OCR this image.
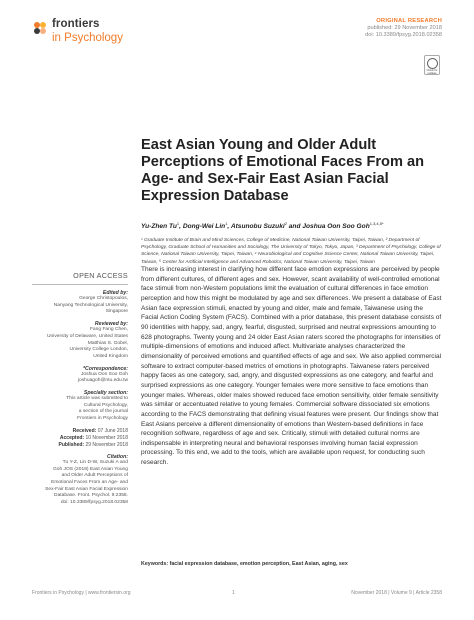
frontiers
in Psychology
ORIGINAL RESEARCH
published: 29 November 2018
doi: 10.3389/fpsyg.2018.02358
Check for
updates
East Asian Young and Older Adult Perceptions of Emotional Faces From an Age- and Sex-Fair East Asian Facial Expression Database
Yu-Zhen Tu$^1$, Dong-Wei Lin$^1$, Atsunobu Suzuki$^2$ and Joshua Oon Soo Goh$^{1,3,4,5*}$
¹ Graduate Institute of Brain and Mind Sciences, College of Medicine, National Taiwan University, Taipei, Taiwan, ² Department of Psychology, Graduate School of Humanities and Sociology, The University of Tokyo, Tokyo, Japan, ³ Department of Psychology, College of Science, National Taiwan University, Taipei, Taiwan, ⁴ Neurobiological and Cognitive Science Center, National Taiwan University, Taipei, Taiwan, ⁵ Center for Artificial Intelligence and Advanced Robotics, National Taiwan University, Taipei, Taiwan
OPEN ACCESS
Edited by:
George Christopoulos,
Nanyang Technological University,
Singapore
Reviewed by:
Fang Fang Chen,
University of Delaware, United States
Matthias S. Gobel,
University College London,
United Kingdom
*Correspondence:
Joshua Oon Soo Goh
joshuagoh@ntu.edu.tw
Specialty section:
This article was submitted to
Cultural Psychology,
a section of the journal
Frontiers in Psychology
Received: 07 June 2018
Accepted: 10 November 2018
Published: 29 November 2018
Citation:
Tu Y-Z, Lin D-W, Suzuki A and
Goh JOS (2018) East Asian Young
and Older Adult Perceptions of
Emotional Faces From an Age- and
Sex-Fair East Asian Facial Expression
Database. Front. Psychol. 9:2358.
doi: 10.3389/fpsyg.2018.02358

There is increasing interest in clarifying how different face emotion expressions are perceived by people from different cultures, of different ages and sex. However, scant availability of well-controlled emotional face stimuli from non-Western populations limit the evaluation of cultural differences in face emotion perception and how this might be modulated by age and sex differences. We present a database of East Asian face expression stimuli, enacted by young and older, male and female, Taiwanese using the Facial Action Coding System (FACS). Combined with a prior database, this present database consists of 90 identities with happy, sad, angry, fearful, disgusted, surprised and neutral expressions amounting to 628 photographs. Twenty young and 24 older East Asian raters scored the photographs for intensities of multiple-dimensions of emotions and induced affect. Multivariate analyses characterized the dimensionality of perceived emotions and quantified effects of age and sex. We also applied commercial software to extract computer-based metrics of emotions in photographs. Taiwanese raters perceived happy faces as one category, sad, angry, and disgusted expressions as one category, and fearful and surprised expressions as one category. Younger females were more sensitive to face emotions than younger males. Whereas, older males showed reduced face emotion sensitivity, older female sensitivity was similar or accentuated relative to young females. Commercial software dissociated six emotions according to the FACS demonstrating that defining visual features were present. Our findings show that East Asians perceive a different dimensionality of emotions than Western-based definitions in face recognition software, regardless of age and sex. Critically, stimuli with detailed cultural norms are indispensable in interpreting neural and behavioral responses involving human facial expression processing. To this end, we add to the tools, which are available upon request, for conducting such research.

Keywords: facial expression database, emotion perception, East Asian, aging, sex
Frontiers in Psychology | www.frontiersin.org	1	November 2018 | Volume 9 | Article 2358
